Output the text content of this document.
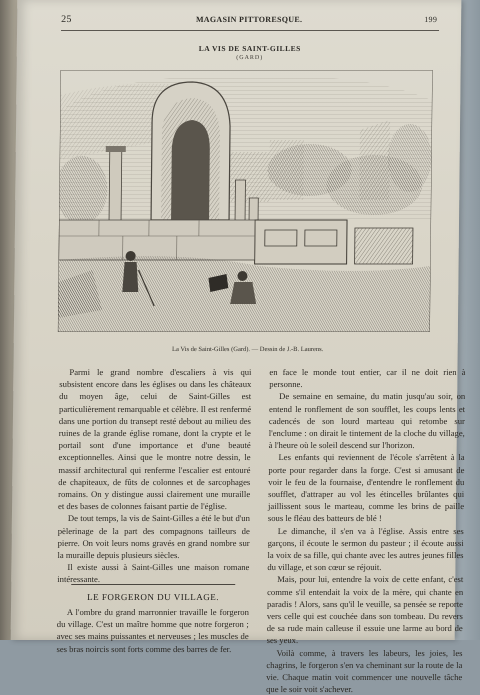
25	MAGASIN PITTORESQUE.	199
LA VIS DE SAINT-GILLES
(GARD)
La Vis de Saint-Gilles (Gard). — Dessin de J.-B. Laurens.

Parmi le grand nombre d'escaliers à vis qui subsistent encore dans les églises ou dans les châteaux du moyen âge, celui de Saint-Gilles est particulièrement remarquable et célèbre. Il est renfermé dans une portion du transept resté debout au milieu des ruines de la grande église romane, dont la crypte et le portail sont d'une importance et d'une beauté exceptionnelles. Ainsi que le montre notre dessin, le massif architectural qui renferme l'escalier est entouré de chapiteaux, de fûts de colonnes et de sarcophages romains. On y distingue aussi clairement une muraille et des bases de colonnes faisant partie de l'église.

De tout temps, la vis de Saint-Gilles a été le but d'un pèlerinage de la part des compagnons tailleurs de pierre. On voit leurs noms gravés en grand nombre sur la muraille depuis plusieurs siècles.

Il existe aussi à Saint-Gilles une maison romane intéressante.

LE FORGERON DU VILLAGE.

A l'ombre du grand marronnier travaille le forgeron du village. C'est un maître homme que notre forgeron ; avec ses mains puissantes et nerveuses ; les muscles de ses bras noircis sont forts comme des barres de fer.

en face le monde tout entier, car il ne doit rien à personne.

De semaine en semaine, du matin jusqu'au soir, on entend le ronflement de son soufflet, les coups lents et cadencés de son lourd marteau qui retombe sur l'enclume : on dirait le tintement de la cloche du village, à l'heure où le soleil descend sur l'horizon.

Les enfants qui reviennent de l'école s'arrêtent à la porte pour regarder dans la forge. C'est si amusant de voir le feu de la fournaise, d'entendre le ronflement du soufflet, d'attraper au vol les étincelles brûlantes qui jaillissent sous le marteau, comme les brins de paille sous le fléau des batteurs de blé !

Le dimanche, il s'en va à l'église. Assis entre ses garçons, il écoute le sermon du pasteur ; il écoute aussi la voix de sa fille, qui chante avec les autres jeunes filles du village, et son cœur se réjouit.

Mais, pour lui, entendre la voix de cette enfant, c'est comme s'il entendait la voix de la mère, qui chante en paradis ! Alors, sans qu'il le veuille, sa pensée se reporte vers celle qui est couchée dans son tombeau. Du revers de sa rude main calleuse il essuie une larme au bord de ses yeux.

Voilà comme, à travers les labeurs, les joies, les chagrins, le forgeron s'en va cheminant sur la route de la vie. Chaque matin voit commencer une nouvelle tâche que le soir voit s'achever.
